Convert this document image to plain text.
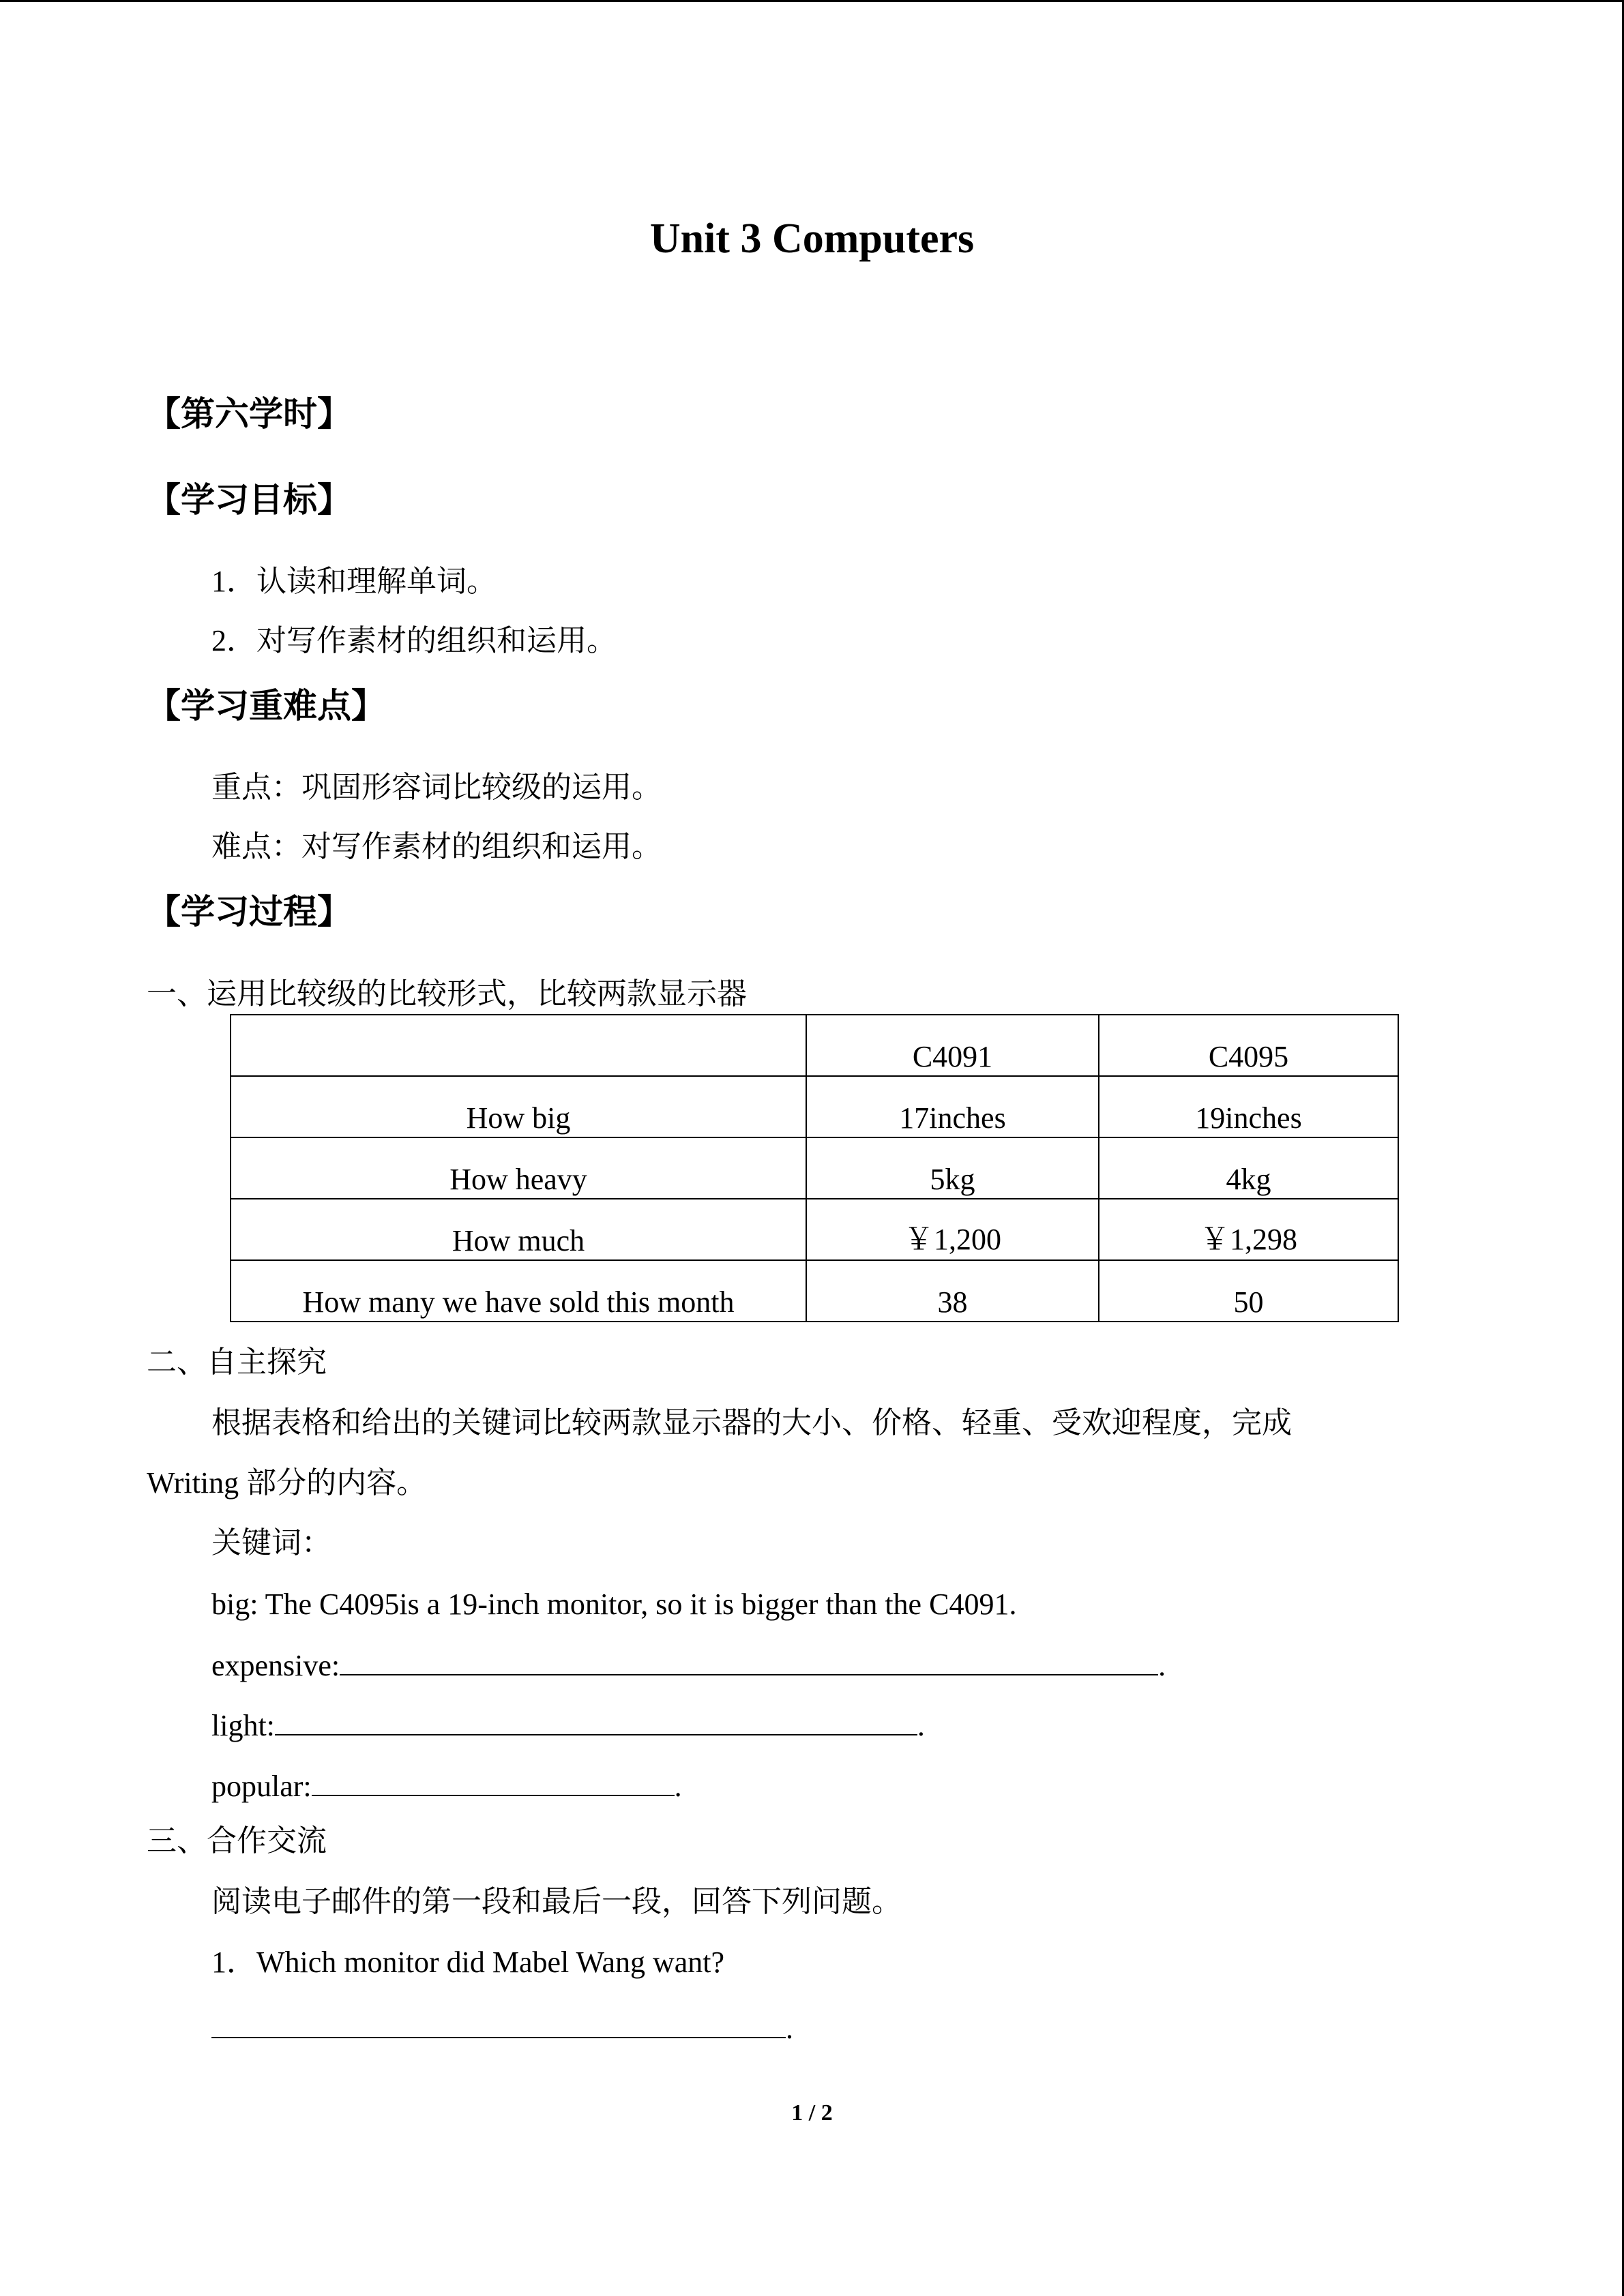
Unit 3 Computers
【第六学时】
【学习目标】
1．认读和理解单词。
2．对写作素材的组织和运用。
【学习重难点】
重点：巩固形容词比较级的运用。
难点：对写作素材的组织和运用。
【学习过程】
一、运用比较级的比较形式，比较两款显示器
	C4091	C4095
How big	17inches	19inches
How heavy	5kg	4kg
How much	￥1,200	￥1,298
How many we have sold this month	38	50
二、自主探究
根据表格和给出的关键词比较两款显示器的大小、价格、轻重、受欢迎程度，完成
Writing 部分的内容。
关键词：
big: The C4095is a 19-inch monitor, so it is bigger than the C4091.
expensive:	.
light:	.
popular:	.
三、合作交流
阅读电子邮件的第一段和最后一段，回答下列问题。
1．Which monitor did Mabel Wang want?
.
1 / 2
